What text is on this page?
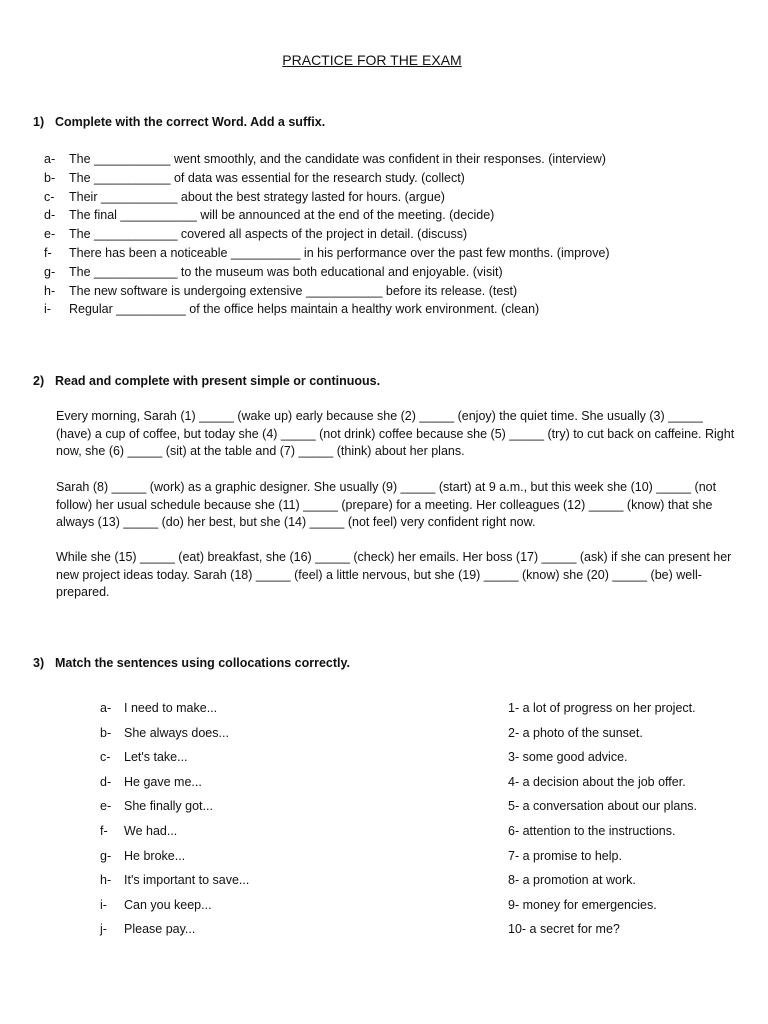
PRACTICE FOR THE EXAM
1) Complete with the correct Word. Add a suffix.
a- The ___________ went smoothly, and the candidate was confident in their responses. (interview)
b- The ___________ of data was essential for the research study. (collect)
c- Their ___________ about the best strategy lasted for hours. (argue)
d- The final ___________ will be announced at the end of the meeting. (decide)
e- The ____________ covered all aspects of the project in detail. (discuss)
f- There has been a noticeable __________ in his performance over the past few months. (improve)
g- The ____________ to the museum was both educational and enjoyable. (visit)
h- The new software is undergoing extensive ___________ before its release. (test)
i- Regular __________ of the office helps maintain a healthy work environment. (clean)
2) Read and complete with present simple or continuous.

Every morning, Sarah (1) _____ (wake up) early because she (2) _____ (enjoy) the quiet time. She usually (3) _____ (have) a cup of coffee, but today she (4) _____ (not drink) coffee because she (5) _____ (try) to cut back on caffeine. Right now, she (6) _____ (sit) at the table and (7) _____ (think) about her plans.

Sarah (8) _____ (work) as a graphic designer. She usually (9) _____ (start) at 9 a.m., but this week she (10) _____ (not follow) her usual schedule because she (11) _____ (prepare) for a meeting. Her colleagues (12) _____ (know) that she always (13) _____ (do) her best, but she (14) _____ (not feel) very confident right now.

While she (15) _____ (eat) breakfast, she (16) _____ (check) her emails. Her boss (17) _____ (ask) if she can present her new project ideas today. Sarah (18) _____ (feel) a little nervous, but she (19) _____ (know) she (20) _____ (be) well-prepared.

3) Match the sentences using collocations correctly.
a- I need to make...
b- She always does...
c- Let's take...
d- He gave me...
e- She finally got...
f- We had...
g- He broke...
h- It's important to save...
i- Can you keep...
j- Please pay...
1- a lot of progress on her project.
2- a photo of the sunset.
3- some good advice.
4- a decision about the job offer.
5- a conversation about our plans.
6- attention to the instructions.
7- a promise to help.
8- a promotion at work.
9- money for emergencies.
10- a secret for me?
